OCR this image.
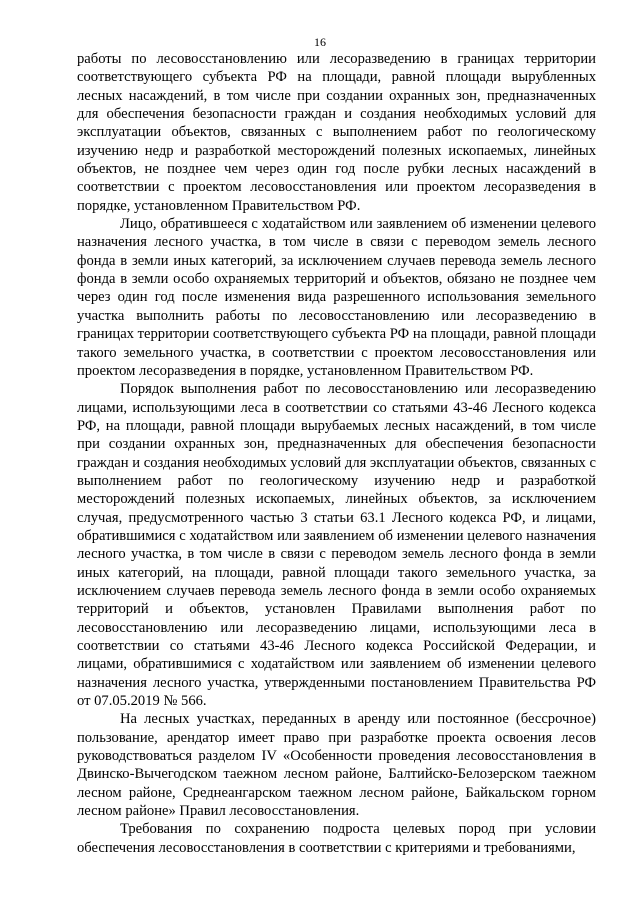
16

работы по лесовосстановлению или лесоразведению в границах территории соответствующего субъекта РФ на площади, равной площади вырубленных лесных насаждений, в том числе при создании охранных зон, предназначенных для обеспечения безопасности граждан и создания необходимых условий для эксплуатации объектов, связанных с выполнением работ по геологическому изучению недр и разработкой месторождений полезных ископаемых, линейных объектов, не позднее чем через один год после рубки лесных насаждений в соответствии с проектом лесовосстановления или проектом лесоразведения в порядке, установленном Правительством РФ.

Лицо, обратившееся с ходатайством или заявлением об изменении целевого назначения лесного участка, в том числе в связи с переводом земель лесного фонда в земли иных категорий, за исключением случаев перевода земель лесного фонда в земли особо охраняемых территорий и объектов, обязано не позднее чем через один год после изменения вида разрешенного использования земельного участка выполнить работы по лесовосстановлению или лесоразведению в границах территории соответствующего субъекта РФ на площади, равной площади такого земельного участка, в соответствии с проектом лесовосстановления или проектом лесоразведения в порядке, установленном Правительством РФ.

Порядок выполнения работ по лесовосстановлению или лесоразведению лицами, использующими леса в соответствии со статьями 43-46 Лесного кодекса РФ, на площади, равной площади вырубаемых лесных насаждений, в том числе при создании охранных зон, предназначенных для обеспечения безопасности граждан и создания необходимых условий для эксплуатации объектов, связанных с выполнением работ по геологическому изучению недр и разработкой месторождений полезных ископаемых, линейных объектов, за исключением случая, предусмотренного частью 3 статьи 63.1 Лесного кодекса РФ, и лицами, обратившимися с ходатайством или заявлением об изменении целевого назначения лесного участка, в том числе в связи с переводом земель лесного фонда в земли иных категорий, на площади, равной площади такого земельного участка, за исключением случаев перевода земель лесного фонда в земли особо охраняемых территорий и объектов, установлен Правилами выполнения работ по лесовосстановлению или лесоразведению лицами, использующими леса в соответствии со статьями 43-46 Лесного кодекса Российской Федерации, и лицами, обратившимися с ходатайством или заявлением об изменении целевого назначения лесного участка, утвержденными постановлением Правительства РФ от 07.05.2019 № 566.

На лесных участках, переданных в аренду или постоянное (бессрочное) пользование, арендатор имеет право при разработке проекта освоения лесов руководствоваться разделом IV «Особенности проведения лесовосстановления в Двинско-Вычегодском таежном лесном районе, Балтийско-Белозерском таежном лесном районе, Среднеангарском таежном лесном районе, Байкальском горном лесном районе» Правил лесовосстановления.

Требования по сохранению подроста целевых пород при условии обеспечения лесовосстановления в соответствии с критериями и требованиями,
